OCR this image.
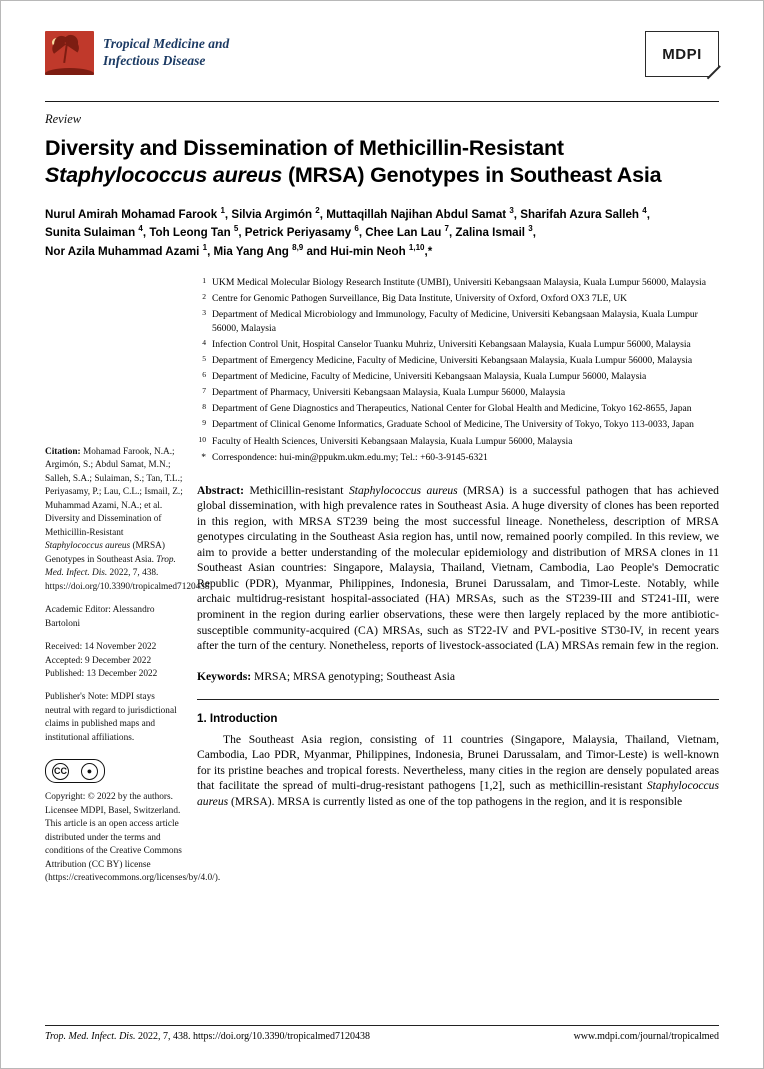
Tropical Medicine and
Infectious Disease	MDPI
Review
Diversity and Dissemination of Methicillin-Resistant
Staphylococcus aureus (MRSA) Genotypes in Southeast Asia
Nurul Amirah Mohamad Farook $^1$, Silvia Argimón $^2$, Muttaqillah Najihan Abdul Samat $^3$, Sharifah Azura Salleh $^4$,
Sunita Sulaiman $^4$, Toh Leong Tan $^5$, Petrick Periyasamy $^6$, Chee Lan Lau $^7$, Zalina Ismail $^3$,
Nor Azila Muhammad Azami $^1$, Mia Yang Ang $^{8,9}$ and Hui-min Neoh $^{1,10}$,*
Citation: Mohamad Farook, N.A.; Argimón, S.; Abdul Samat, M.N.; Salleh, S.A.; Sulaiman, S.; Tan, T.L.; Periyasamy, P.; Lau, C.L.; Ismail, Z.; Muhammad Azami, N.A.; et al. Diversity and Dissemination of Methicillin-Resistant Staphylococcus aureus (MRSA) Genotypes in Southeast Asia. Trop. Med. Infect. Dis. 2022, 7, 438. https://doi.org/10.3390/tropicalmed7120438
Academic Editor: Alessandro Bartoloni
Received: 14 November 2022
Accepted: 9 December 2022
Published: 13 December 2022
Publisher's Note: MDPI stays neutral with regard to jurisdictional claims in published maps and institutional affiliations.
CC	●
Copyright: © 2022 by the authors. Licensee MDPI, Basel, Switzerland. This article is an open access article distributed under the terms and conditions of the Creative Commons Attribution (CC BY) license (https://creativecommons.org/licenses/by/4.0/).
1 UKM Medical Molecular Biology Research Institute (UMBI), Universiti Kebangsaan Malaysia, Kuala Lumpur 56000, Malaysia
2 Centre for Genomic Pathogen Surveillance, Big Data Institute, University of Oxford, Oxford OX3 7LE, UK
3 Department of Medical Microbiology and Immunology, Faculty of Medicine, Universiti Kebangsaan Malaysia, Kuala Lumpur 56000, Malaysia
4 Infection Control Unit, Hospital Canselor Tuanku Muhriz, Universiti Kebangsaan Malaysia, Kuala Lumpur 56000, Malaysia
5 Department of Emergency Medicine, Faculty of Medicine, Universiti Kebangsaan Malaysia, Kuala Lumpur 56000, Malaysia
6 Department of Medicine, Faculty of Medicine, Universiti Kebangsaan Malaysia, Kuala Lumpur 56000, Malaysia
7 Department of Pharmacy, Universiti Kebangsaan Malaysia, Kuala Lumpur 56000, Malaysia
8 Department of Gene Diagnostics and Therapeutics, National Center for Global Health and Medicine, Tokyo 162-8655, Japan
9 Department of Clinical Genome Informatics, Graduate School of Medicine, The University of Tokyo, Tokyo 113-0033, Japan
10 Faculty of Health Sciences, Universiti Kebangsaan Malaysia, Kuala Lumpur 56000, Malaysia
* Correspondence: hui-min@ppukm.ukm.edu.my; Tel.: +60-3-9145-6321
Abstract: Methicillin-resistant Staphylococcus aureus (MRSA) is a successful pathogen that has achieved global dissemination, with high prevalence rates in Southeast Asia. A huge diversity of clones has been reported in this region, with MRSA ST239 being the most successful lineage. Nonetheless, description of MRSA genotypes circulating in the Southeast Asia region has, until now, remained poorly compiled. In this review, we aim to provide a better understanding of the molecular epidemiology and distribution of MRSA clones in 11 Southeast Asian countries: Singapore, Malaysia, Thailand, Vietnam, Cambodia, Lao People's Democratic Republic (PDR), Myanmar, Philippines, Indonesia, Brunei Darussalam, and Timor-Leste. Notably, while archaic multidrug-resistant hospital-associated (HA) MRSAs, such as the ST239-III and ST241-III, were prominent in the region during earlier observations, these were then largely replaced by the more antibiotic-susceptible community-acquired (CA) MRSAs, such as ST22-IV and PVL-positive ST30-IV, in recent years after the turn of the century. Nonetheless, reports of livestock-associated (LA) MRSAs remain few in the region.
Keywords: MRSA; MRSA genotyping; Southeast Asia
1. Introduction
The Southeast Asia region, consisting of 11 countries (Singapore, Malaysia, Thailand, Vietnam, Cambodia, Lao PDR, Myanmar, Philippines, Indonesia, Brunei Darussalam, and Timor-Leste) is well-known for its pristine beaches and tropical forests. Nevertheless, many cities in the region are densely populated areas that facilitate the spread of multi-drug-resistant pathogens [1,2], such as methicillin-resistant Staphylococcus aureus (MRSA). MRSA is currently listed as one of the top pathogens in the region, and it is responsible
Trop. Med. Infect. Dis. 2022, 7, 438. https://doi.org/10.3390/tropicalmed7120438	www.mdpi.com/journal/tropicalmed
